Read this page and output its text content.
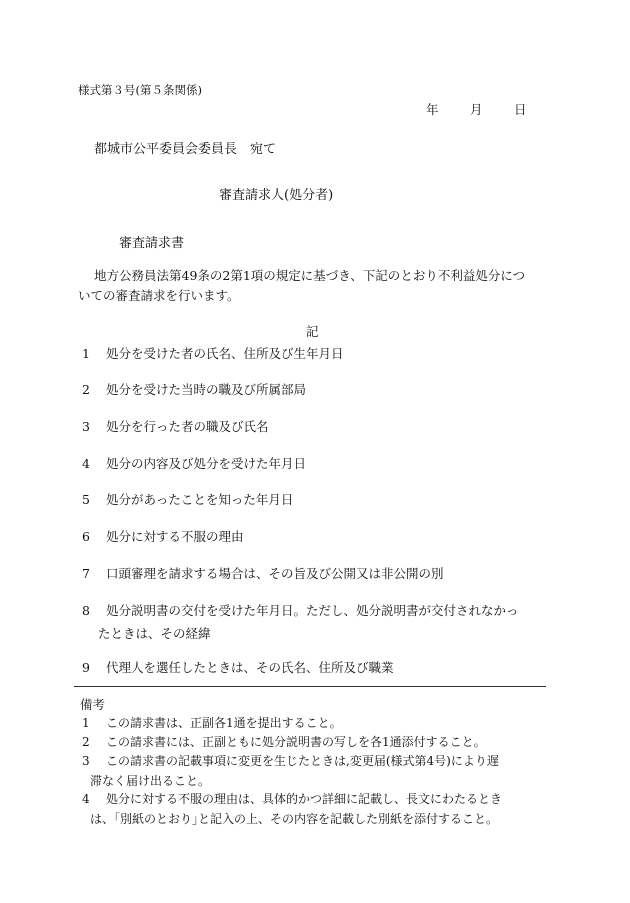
様式第３号(第５条関係)
年	月	日
都城市公平委員会委員長　宛て
審査請求人(処分者)
審査請求書
地方公務員法第49条の2第1項の規定に基づき、下記のとおり不利益処分につ
いての審査請求を行います。
記
1 処分を受けた者の氏名、住所及び生年月日
2 処分を受けた当時の職及び所属部局
3 処分を行った者の職及び氏名
4 処分の内容及び処分を受けた年月日
5 処分があったことを知った年月日
6 処分に対する不服の理由
7 口頭審理を請求する場合は、その旨及び公開又は非公開の別
8 処分説明書の交付を受けた年月日。ただし、処分説明書が交付されなかっ
たときは、その経緯
9 代理人を選任したときは、その氏名、住所及び職業
備考
1 この請求書は、正副各1通を提出すること。
2 この請求書には、正副ともに処分説明書の写しを各1通添付すること。
3 この請求書の記載事項に変更を生じたときは,変更届(様式第4号)により遅
滞なく届け出ること。
4 処分に対する不服の理由は、具体的かつ詳細に記載し、長文にわたるとき
は、｢別紙のとおり｣と記入の上、その内容を記載した別紙を添付すること。
